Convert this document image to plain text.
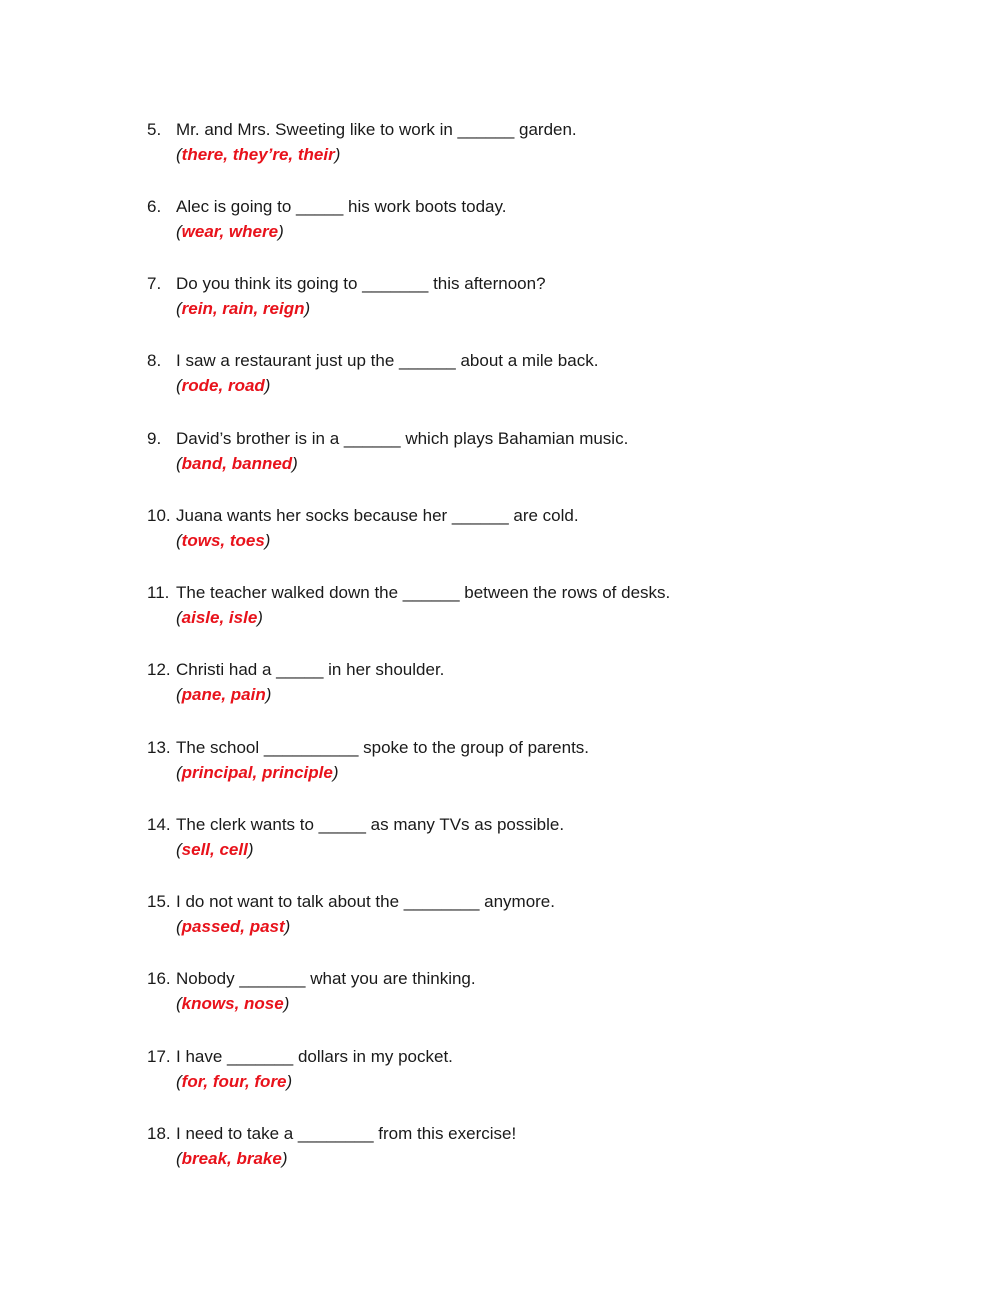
5. Mr. and Mrs. Sweeting like to work in ______ garden.
(there, they’re, their)
6. Alec is going to _____ his work boots today.
(wear, where)
7. Do you think its going to _______ this afternoon?
(rein, rain, reign)
8. I saw a restaurant just up the ______ about a mile back.
(rode, road)
9. David’s brother is in a ______ which plays Bahamian music.
(band, banned)
10. Juana wants her socks because her ______ are cold.
(tows, toes)
11. The teacher walked down the ______ between the rows of desks.
(aisle, isle)
12. Christi had a _____ in her shoulder.
(pane, pain)
13. The school __________ spoke to the group of parents.
(principal, principle)
14. The clerk wants to _____ as many TVs as possible.
(sell, cell)
15. I do not want to talk about the ________ anymore.
(passed, past)
16. Nobody _______ what you are thinking.
(knows, nose)
17. I have _______ dollars in my pocket.
(for, four, fore)
18. I need to take a ________ from this exercise!
(break, brake)
